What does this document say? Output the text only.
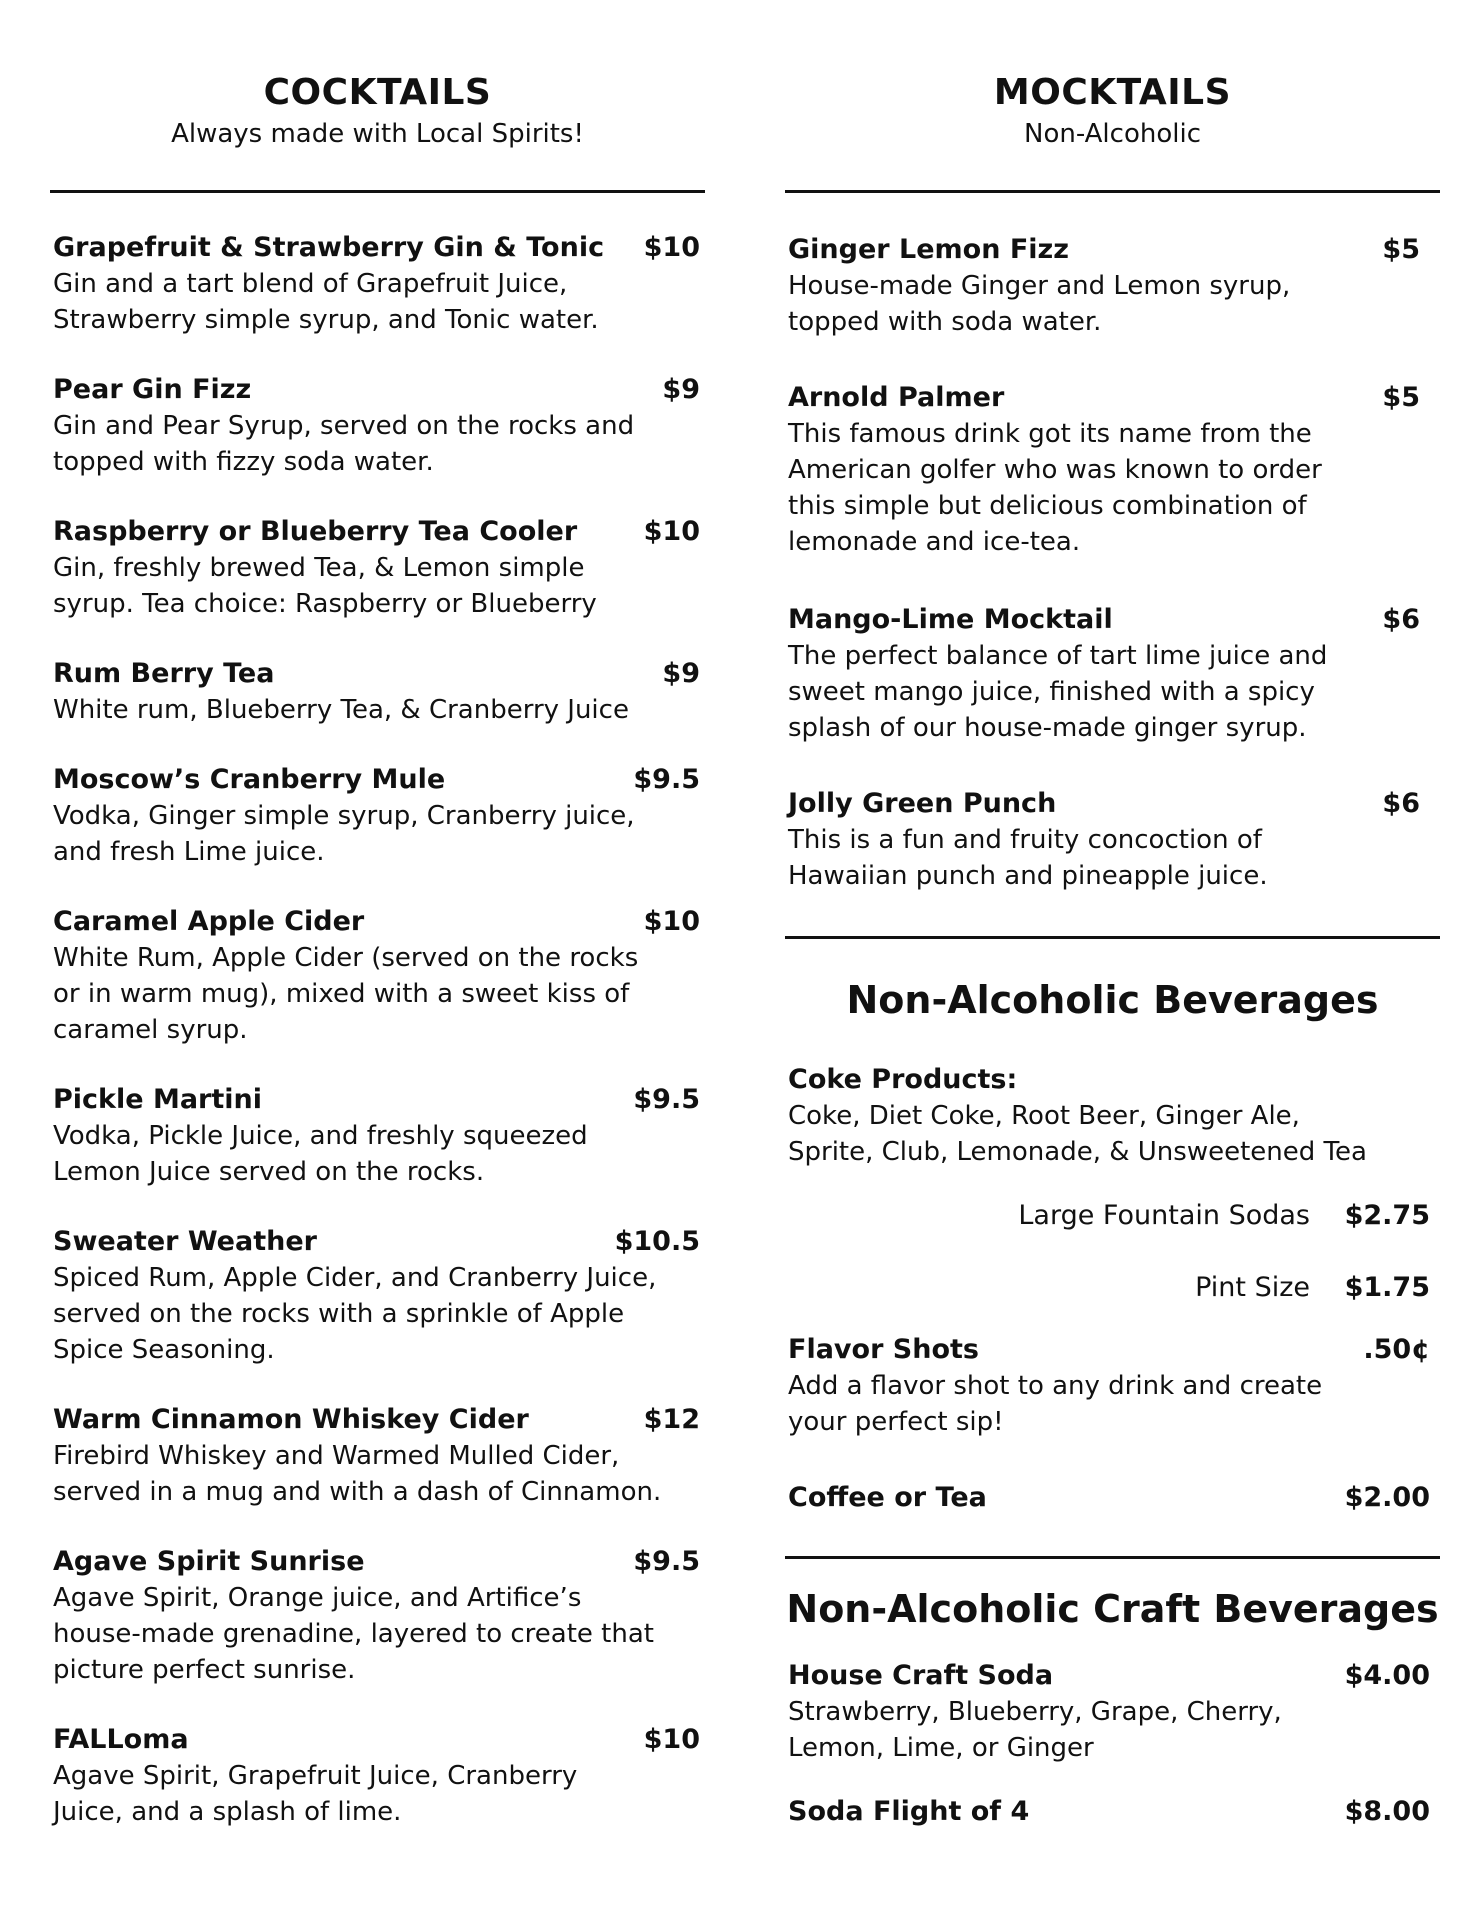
COCKTAILS
Always made with Local Spirits!
Grapefruit & Strawberry Gin & Tonic $10
Gin and a tart blend of Grapefruit Juice,
Strawberry simple syrup, and Tonic water.
Pear Gin Fizz	$9
Gin and Pear Syrup, served on the rocks and
topped with fizzy soda water.
Raspberry or Blueberry Tea Cooler $10
Gin, freshly brewed Tea, & Lemon simple
syrup. Tea choice: Raspberry or Blueberry
Rum Berry Tea	$9
White rum, Blueberry Tea, & Cranberry Juice
Moscow’s Cranberry Mule	$9.5
Vodka, Ginger simple syrup, Cranberry juice,
and fresh Lime juice.
Caramel Apple Cider	$10
White Rum, Apple Cider (served on the rocks
or in warm mug), mixed with a sweet kiss of
caramel syrup.
Pickle Martini	$9.5
Vodka, Pickle Juice, and freshly squeezed
Lemon Juice served on the rocks.
Sweater Weather	$10.5
Spiced Rum, Apple Cider, and Cranberry Juice,
served on the rocks with a sprinkle of Apple
Spice Seasoning.
Warm Cinnamon Whiskey Cider	$12
Firebird Whiskey and Warmed Mulled Cider,
served in a mug and with a dash of Cinnamon.
Agave Spirit Sunrise	$9.5
Agave Spirit, Orange juice, and Artifice’s
house-made grenadine, layered to create that
picture perfect sunrise.
FALLoma	$10
Agave Spirit, Grapefruit Juice, Cranberry
Juice, and a splash of lime.
MOCKTAILS
Non-Alcoholic
Ginger Lemon Fizz	$5
House-made Ginger and Lemon syrup,
topped with soda water.
Arnold Palmer	$5
This famous drink got its name from the
American golfer who was known to order
this simple but delicious combination of
lemonade and ice-tea.
Mango-Lime Mocktail	$6
The perfect balance of tart lime juice and
sweet mango juice, finished with a spicy
splash of our house-made ginger syrup.
Jolly Green Punch	$6
This is a fun and fruity concoction of
Hawaiian punch and pineapple juice.
Non-Alcoholic Beverages
Coke Products:
Coke, Diet Coke, Root Beer, Ginger Ale,
Sprite, Club, Lemonade, & Unsweetened Tea
Large Fountain Sodas $2.75
Pint Size $1.75
Flavor Shots	.50¢
Add a flavor shot to any drink and create
your perfect sip!
Coffee or Tea	$2.00
Non-Alcoholic Craft Beverages
House Craft Soda	$4.00
Strawberry, Blueberry, Grape, Cherry,
Lemon, Lime, or Ginger
Soda Flight of 4	$8.00
